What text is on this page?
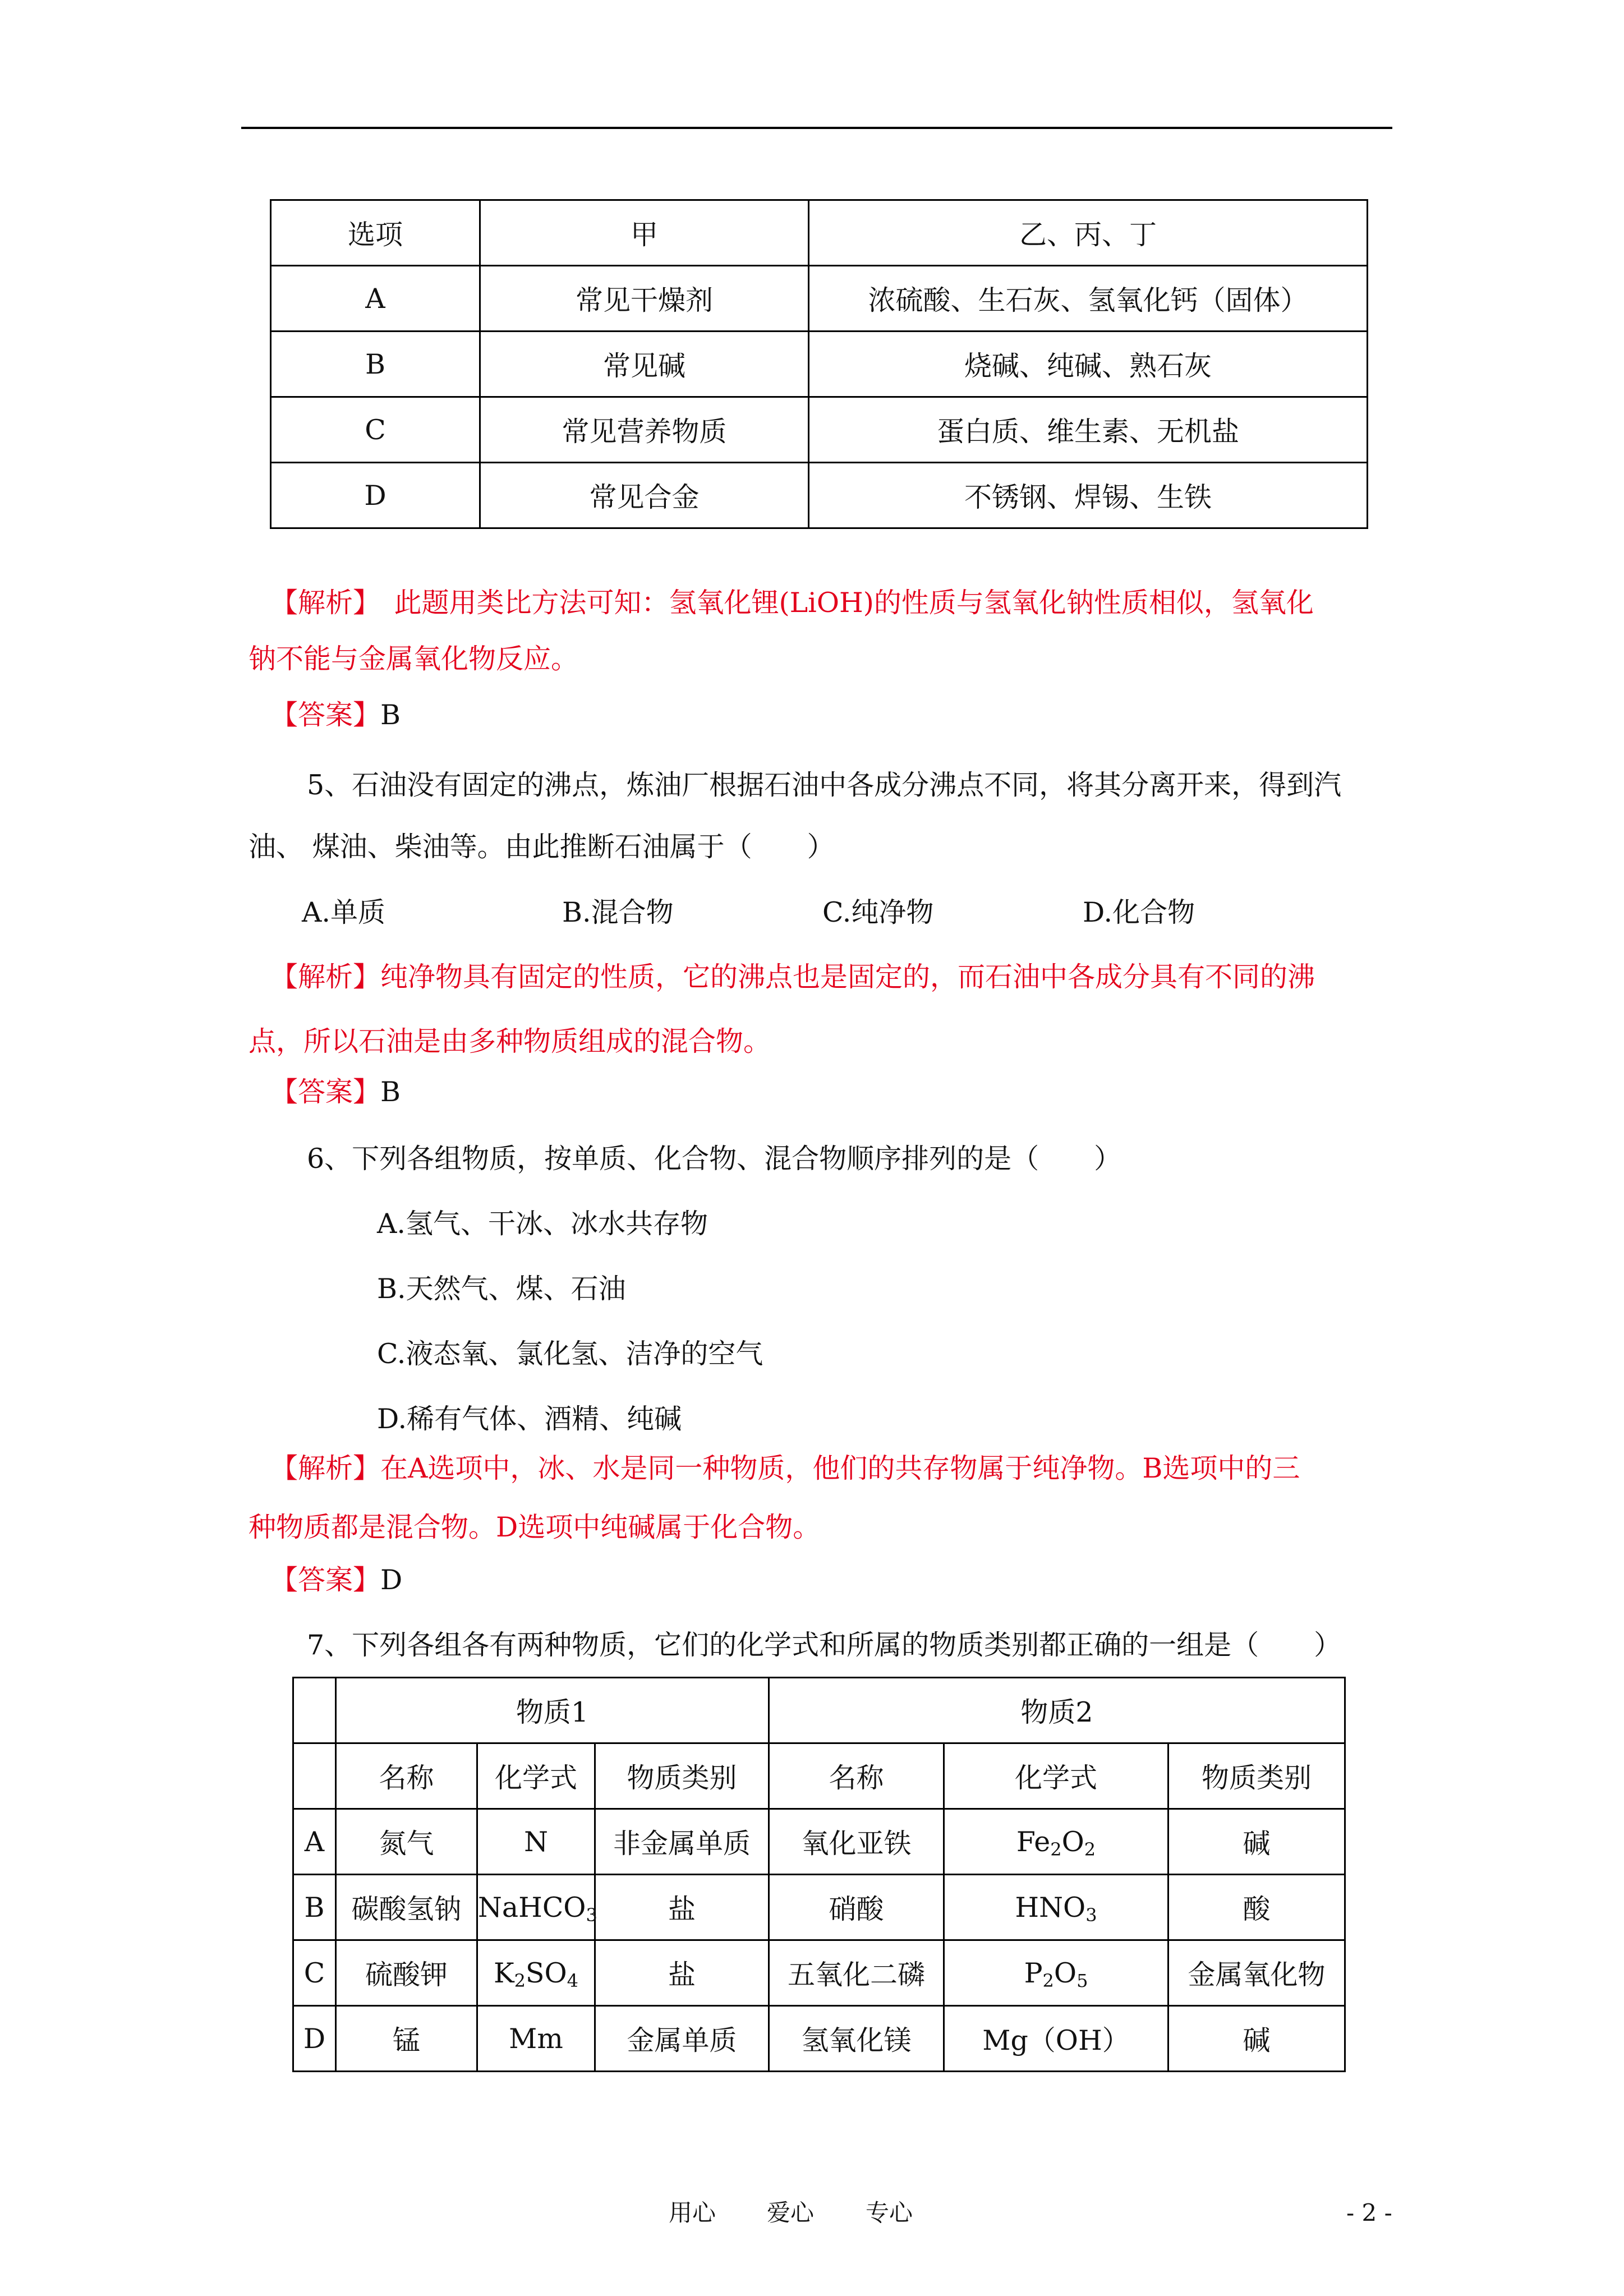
选项	甲	乙、丙、丁
A	常见干燥剂	浓硫酸、生石灰、氢氧化钙（固体）
B	常见碱	烧碱、纯碱、熟石灰
C	常见营养物质	蛋白质、维生素、无机盐
D	常见合金	不锈钢、焊锡、生铁
【解析】　此题用类比方法可知：氢氧化锂(LiOH)的性质与氢氧化钠性质相似，氢氧化
钠不能与金属氧化物反应。
【答案】B
5、石油没有固定的沸点，炼油厂根据石油中各成分沸点不同，将其分离开来，得到汽
油、 煤油、柴油等。由此推断石油属于（　　）
A.单质	B.混合物	C.纯净物	D.化合物
【解析】纯净物具有固定的性质，它的沸点也是固定的，而石油中各成分具有不同的沸
点，所以石油是由多种物质组成的混合物。
【答案】B
6、下列各组物质，按单质、化合物、混合物顺序排列的是（　　）
A.氢气、干冰、冰水共存物
B.天然气、煤、石油
C.液态氧、氯化氢、洁净的空气
D.稀有气体、酒精、纯碱
【解析】在A选项中，冰、水是同一种物质，他们的共存物属于纯净物。B选项中的三
种物质都是混合物。D选项中纯碱属于化合物。
【答案】D
7、下列各组各有两种物质，它们的化学式和所属的物质类别都正确的一组是（　　）
	物质1			物质2		
	名称	化学式	物质类别	名称	化学式	物质类别
A	氮气	N	非金属单质	氧化亚铁	$Fe_2O_2$	碱
B	碳酸氢钠	NaHCO$_3$	盐	硝酸	$HNO_3$	酸
C	硫酸钾	$K_2SO_4$	盐	五氧化二磷	$P_2O_5$	金属氧化物
D	锰	Mm	金属单质	氢氧化镁	Mg（OH）	碱
用心 爱心 专心	- 2 -
